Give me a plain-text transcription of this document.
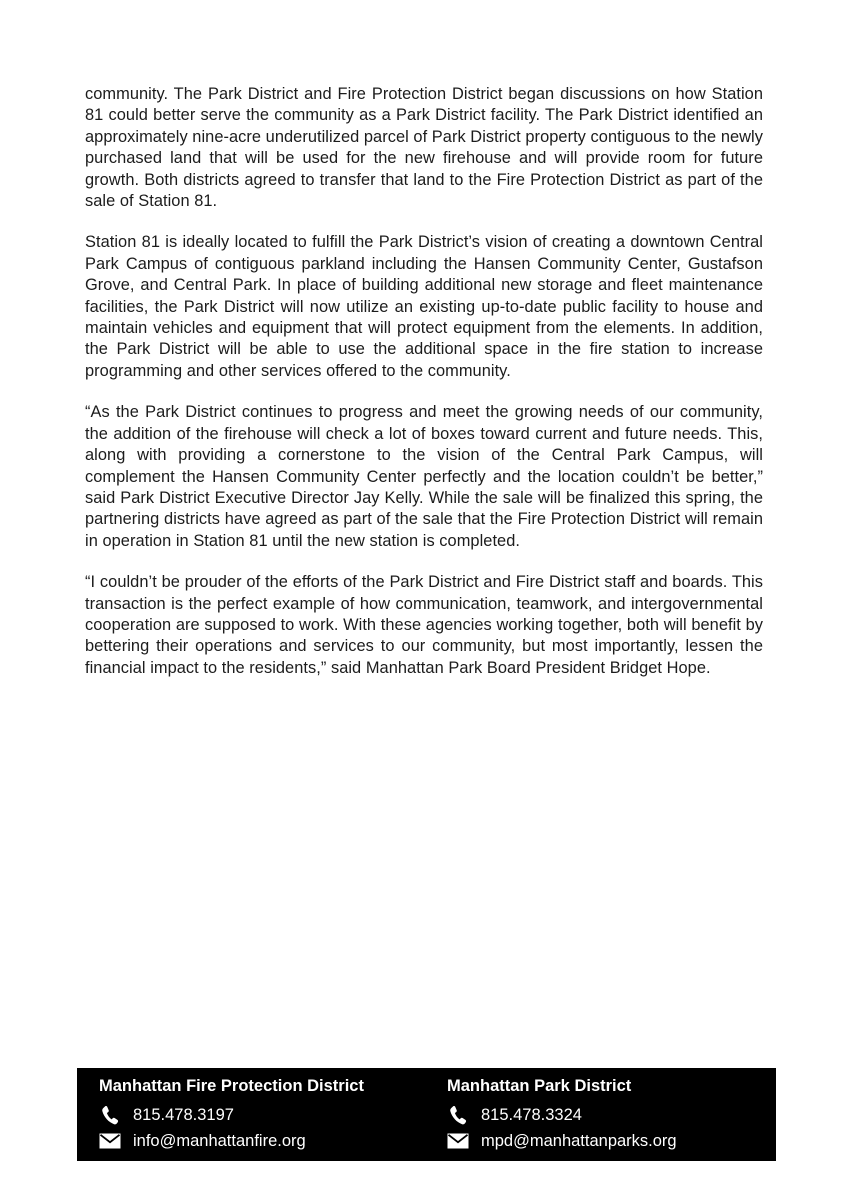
community. The Park District and Fire Protection District began discussions on how Station 81 could better serve the community as a Park District facility. The Park District identified an approximately nine-acre underutilized parcel of Park District property contiguous to the newly purchased land that will be used for the new firehouse and will provide room for future growth. Both districts agreed to transfer that land to the Fire Protection District as part of the sale of Station 81.

Station 81 is ideally located to fulfill the Park District’s vision of creating a downtown Central Park Campus of contiguous parkland including the Hansen Community Center, Gustafson Grove, and Central Park. In place of building additional new storage and fleet maintenance facilities, the Park District will now utilize an existing up-to-date public facility to house and maintain vehicles and equipment that will protect equipment from the elements. In addition, the Park District will be able to use the additional space in the fire station to increase programming and other services offered to the community.

“As the Park District continues to progress and meet the growing needs of our community, the addition of the firehouse will check a lot of boxes toward current and future needs. This, along with providing a cornerstone to the vision of the Central Park Campus, will complement the Hansen Community Center perfectly and the location couldn’t be better,” said Park District Executive Director Jay Kelly. While the sale will be finalized this spring, the partnering districts have agreed as part of the sale that the Fire Protection District will remain in operation in Station 81 until the new station is completed.

“I couldn’t be prouder of the efforts of the Park District and Fire District staff and boards. This transaction is the perfect example of how communication, teamwork, and intergovernmental cooperation are supposed to work. With these agencies working together, both will benefit by bettering their operations and services to our community, but most importantly, lessen the financial impact to the residents,” said Manhattan Park Board President Bridget Hope.

Manhattan Fire Protection District
815.478.3197
info@manhattanfire.org
Manhattan Park District
815.478.3324
mpd@manhattanparks.org
